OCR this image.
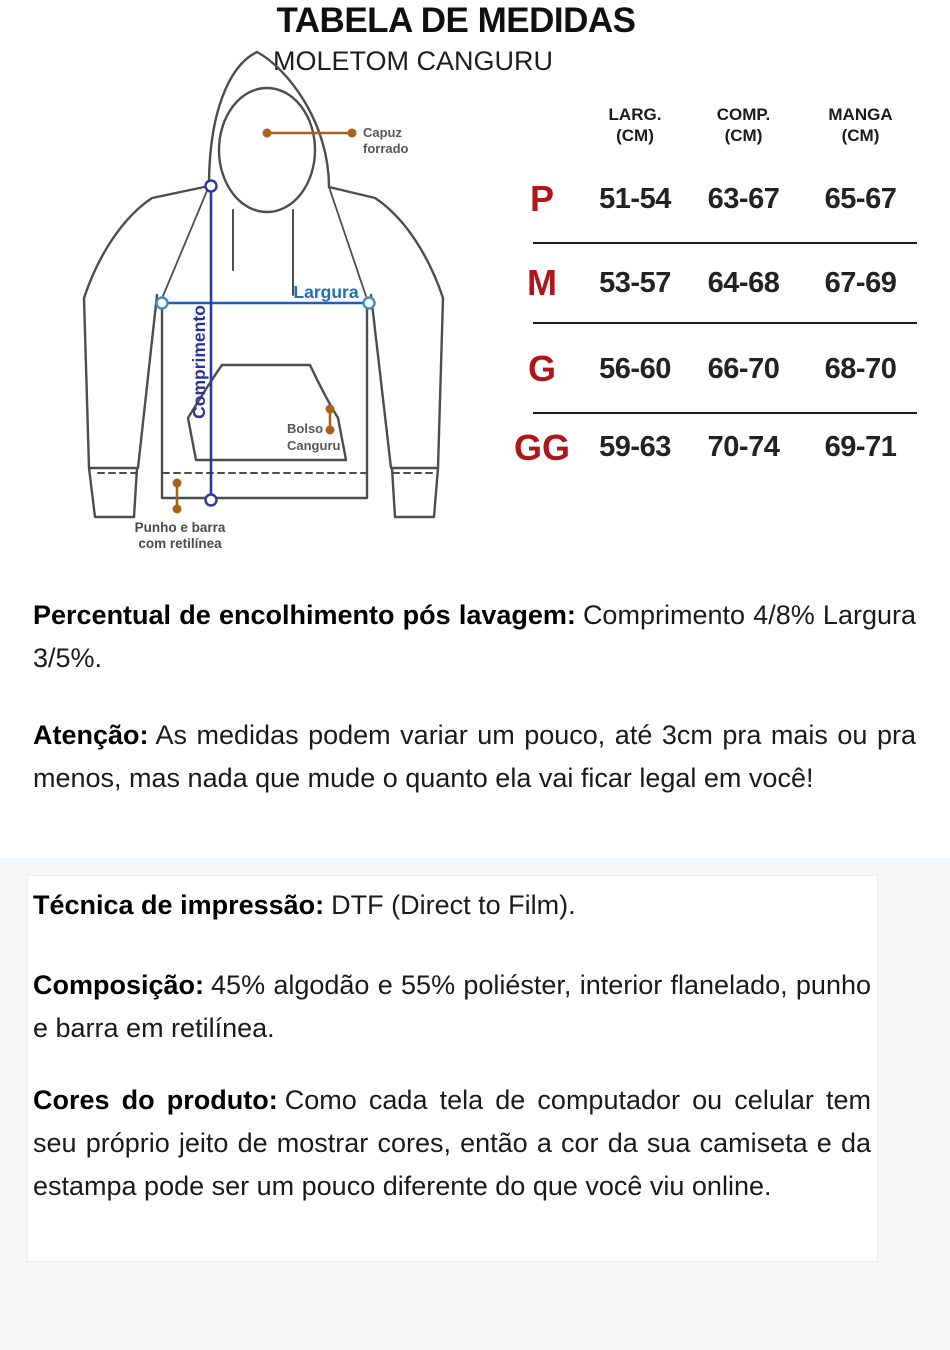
TABELA DE MEDIDAS
MOLETOM CANGURU
Capuz
forrado
Largura
Comprimento
Bolso
Canguru
Punho e barra
com retilínea
LARG.
(CM)
COMP.
(CM)
MANGA
(CM)
P	51-54	63-67	65-67
M	53-57	64-68	67-69
G	56-60	66-70	68-70
GG	59-63	70-74	69-71

Percentual de encolhimento pós lavagem: Comprimento 4/8% Largura 3/5%.

Atenção: As medidas podem variar um pouco, até 3cm pra mais ou pra menos, mas nada que mude o quanto ela vai ficar legal em você!

Técnica de impressão: DTF (Direct to Film).

Composição: 45% algodão e 55% poliéster, interior flanelado, punho e barra em retilínea.

Cores do produto: Como cada tela de computador ou celular tem seu próprio jeito de mostrar cores, então a cor da sua camiseta e da estampa pode ser um pouco diferente do que você viu online.
